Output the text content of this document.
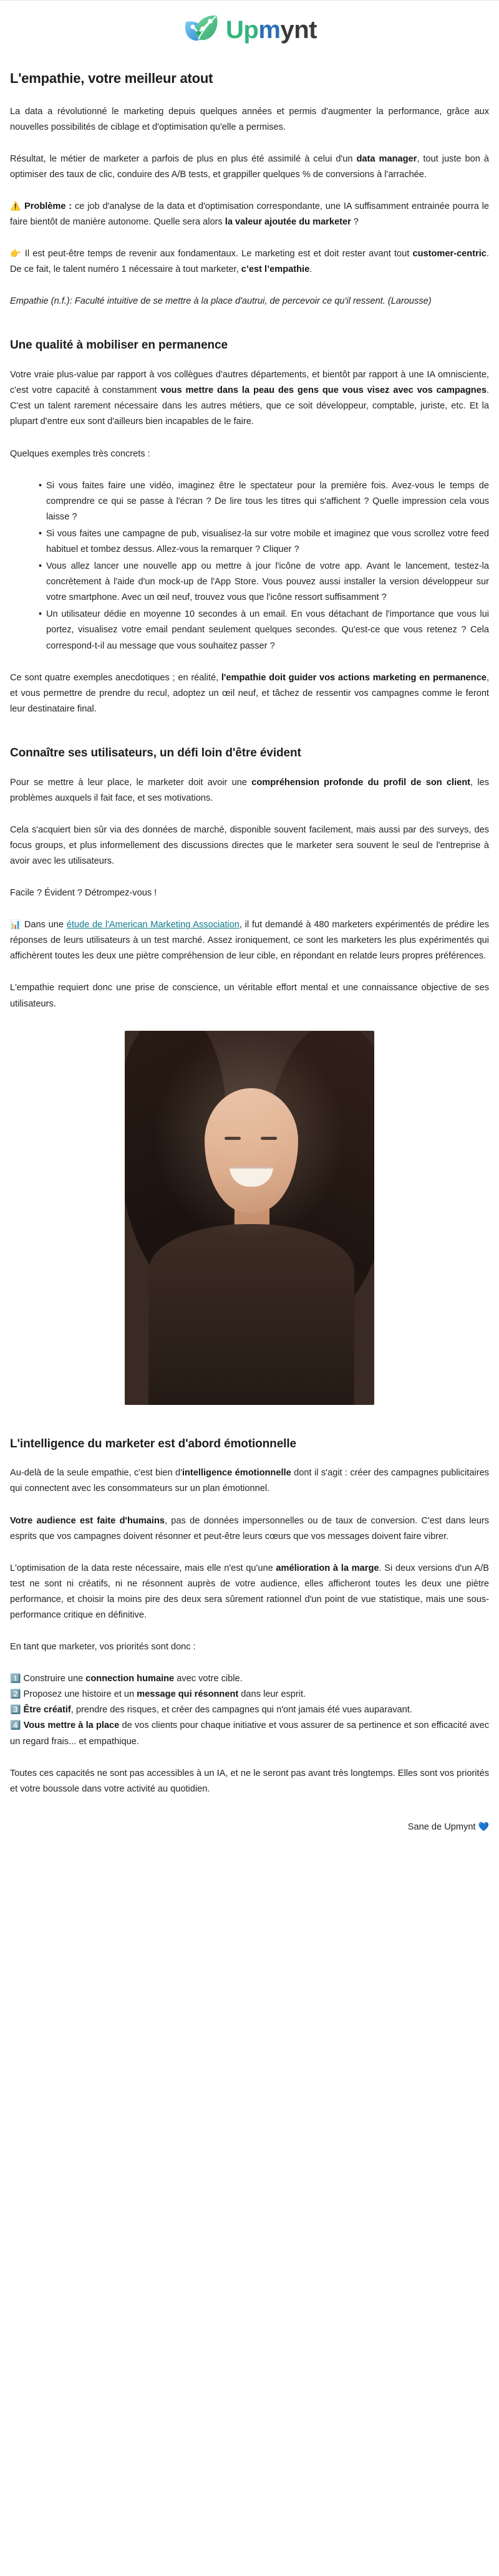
Up m ynt
L'empathie, votre meilleur atout

La data a révolutionné le marketing depuis quelques années et permis d'augmenter la performance, grâce aux nouvelles possibilités de ciblage et d'optimisation qu'elle a permises.

Résultat, le métier de marketer a parfois de plus en plus été assimilé à celui d'un data manager, tout juste bon à optimiser des taux de clic, conduire des A/B tests, et grappiller quelques % de conversions à l'arrachée.

⚠️ Problème : ce job d'analyse de la data et d'optimisation correspondante, une IA suffisamment entrainée pourra le faire bientôt de manière autonome. Quelle sera alors la valeur ajoutée du marketer ?

👉 Il est peut-être temps de revenir aux fondamentaux. Le marketing est et doit rester avant tout customer-centric. De ce fait, le talent numéro 1 nécessaire à tout marketer, c’est l’empathie.

Empathie (n.f.): Faculté intuitive de se mettre à la place d'autrui, de percevoir ce qu'il ressent. (Larousse)

Une qualité à mobiliser en permanence

Votre vraie plus-value par rapport à vos collègues d'autres départements, et bientôt par rapport à une IA omnisciente, c'est votre capacité à constamment vous mettre dans la peau des gens que vous visez avec vos campagnes. C'est un talent rarement nécessaire dans les autres métiers, que ce soit développeur, comptable, juriste, etc. Et la plupart d'entre eux sont d'ailleurs bien incapables de le faire.

Quelques exemples très concrets :

• Si vous faites faire une vidéo, imaginez être le spectateur pour la première fois. Avez-vous le temps de comprendre ce qui se passe à l'écran ? De lire tous les titres qui s'affichent ? Quelle impression cela vous laisse ?
• Si vous faites une campagne de pub, visualisez-la sur votre mobile et imaginez que vous scrollez votre feed habituel et tombez dessus. Allez-vous la remarquer ? Cliquer ?
• Vous allez lancer une nouvelle app ou mettre à jour l'icône de votre app. Avant le lancement, testez-la concrètement à l'aide d'un mock-up de l'App Store. Vous pouvez aussi installer la version développeur sur votre smartphone. Avec un œil neuf, trouvez vous que l'icône ressort suffisamment ?
• Un utilisateur dédie en moyenne 10 secondes à un email. En vous détachant de l'importance que vous lui portez, visualisez votre email pendant seulement quelques secondes. Qu'est-ce que vous retenez ? Cela correspond-t-il au message que vous souhaitez passer ?

Ce sont quatre exemples anecdotiques ; en réalité, l'empathie doit guider vos actions marketing en permanence, et vous permettre de prendre du recul, adoptez un œil neuf, et tâchez de ressentir vos campagnes comme le feront leur destinataire final.

Connaître ses utilisateurs, un défi loin d'être évident

Pour se mettre à leur place, le marketer doit avoir une compréhension profonde du profil de son client, les problèmes auxquels il fait face, et ses motivations.

Cela s'acquiert bien sûr via des données de marché, disponible souvent facilement, mais aussi par des surveys, des focus groups, et plus informellement des discussions directes que le marketer sera souvent le seul de l'entreprise à avoir avec les utilisateurs.

Facile ? Évident ? Détrompez-vous !

📊 Dans une étude de l'American Marketing Association, il fut demandé à 480 marketers expérimentés de prédire les réponses de leurs utilisateurs à un test marché. Assez ironiquement, ce sont les marketers les plus expérimentés qui affichèrent toutes les deux une piètre compréhension de leur cible, en répondant en relatde leurs propres préférences.

L'empathie requiert donc une prise de conscience, un véritable effort mental et une connaissance objective de ses utilisateurs.

L'intelligence du marketer est d'abord émotionnelle

Au-delà de la seule empathie, c'est bien d'intelligence émotionnelle dont il s'agit : créer des campagnes publicitaires qui connectent avec les consommateurs sur un plan émotionnel.

Votre audience est faite d'humains, pas de données impersonnelles ou de taux de conversion. C'est dans leurs esprits que vos campagnes doivent résonner et peut-être leurs cœurs que vos messages doivent faire vibrer.

L'optimisation de la data reste nécessaire, mais elle n'est qu'une amélioration à la marge. Si deux versions d'un A/B test ne sont ni créatifs, ni ne résonnent auprès de votre audience, elles afficheront toutes les deux une piètre performance, et choisir la moins pire des deux sera sûrement rationnel d'un point de vue statistique, mais une sous-performance critique en définitive.

En tant que marketer, vos priorités sont donc :

1️⃣ Construire une connection humaine avec votre cible.
2️⃣ Proposez une histoire et un message qui résonnent dans leur esprit.
3️⃣ Être créatif, prendre des risques, et créer des campagnes qui n'ont jamais été vues auparavant.
4️⃣ Vous mettre à la place de vos clients pour chaque initiative et vous assurer de sa pertinence et son efficacité avec un regard frais... et empathique.

Toutes ces capacités ne sont pas accessibles à un IA, et ne le seront pas avant très longtemps. Elles sont vos priorités et votre boussole dans votre activité au quotidien.

Sane de Upmynt 💙
